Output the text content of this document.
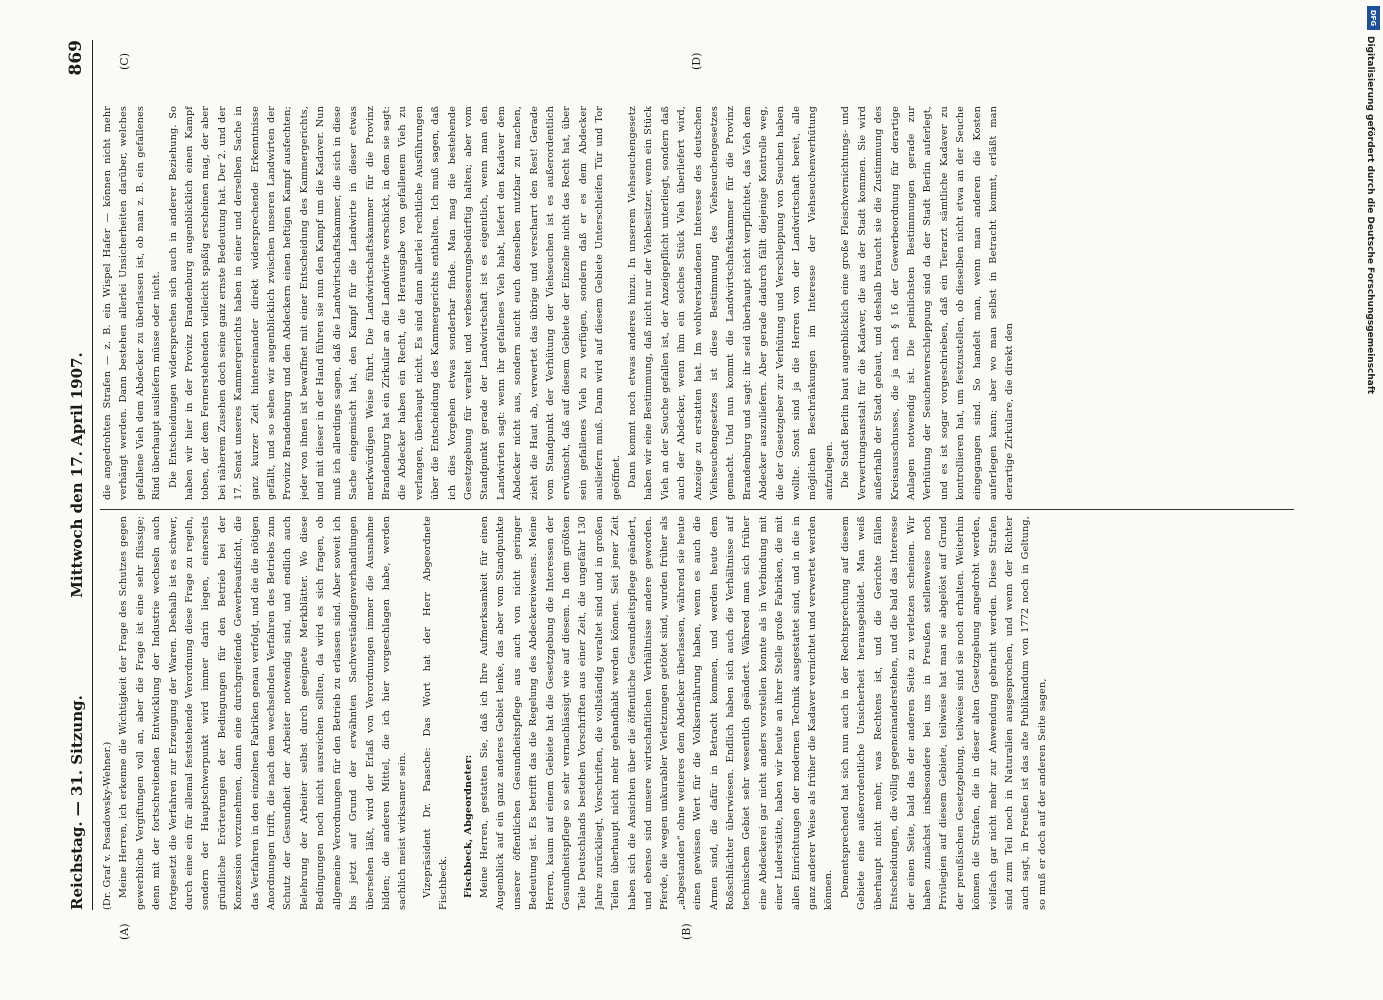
Reichstag. — 31. Sitzung.
Mittwoch den 17. April 1907.
869
(A)	(B)
(C)	(D)

(Dr. Graf v. Posadowsky-Wehner.) Meine Herren, ich erkenne die Wichtigkeit der Frage des Schutzes gegen gewerbliche Vergiftungen voll an, aber die Frage ist eine sehr flüssige; denn mit der fortschreitenden Entwicklung der Industrie wechseln auch fortgesetzt die Verfahren zur Erzeugung der Waren. Deshalb ist es schwer, durch eine ein für allemal feststehende Verordnung diese Frage zu regeln, sondern der Hauptschwerpunkt wird immer darin liegen, einerseits gründliche Erörterungen der Bedingungen für den Betrieb bei der Konzession vorzunehmen, dann eine durchgreifende Gewerbeaufsicht, die das Verfahren in den einzelnen Fabriken genau verfolgt, und die die nötigen Anordnungen trifft, die nach dem wechselnden Verfahren des Betriebs zum Schutz der Gesundheit der Arbeiter notwendig sind, und endlich auch Belehrung der Arbeiter selbst durch geeignete Merkblätter. Wo diese Bedingungen noch nicht ausreichen sollten, da wird es sich fragen, ob allgemeine Verordnungen für den Betrieb zu erlassen sind. Aber soweit ich bis jetzt auf Grund der erwähnten Sachverständigenverhandlungen übersehen läßt, wird der Erlaß von Verordnungen immer die Ausnahme bilden; die anderen Mittel, die ich hier vorgeschlagen habe, werden sachlich meist wirksamer sein.	Vizepräsident Dr. Paasche: Das Wort hat der Herr Abgeordnete Fischbeck.	Fischbeck, Abgeordneter: Meine Herren, gestatten Sie, daß ich Ihre Aufmerksamkeit für einen Augenblick auf ein ganz anderes Gebiet lenke, das aber vom Standpunkte unserer öffentlichen Gesundheitspflege aus auch von nicht geringer Bedeutung ist. Es betrifft das die Regelung des Abdeckereiwesens. Meine Herren, kaum auf einem Gebiete hat die Gesetzgebung die Interessen der Gesundheitspflege so sehr vernachlässigt wie auf diesem. In dem größten Teile Deutschlands bestehen Vorschriften aus einer Zeit, die ungefähr 130 Jahre zurückliegt, Vorschriften, die vollständig veraltet sind und in großen Teilen überhaupt nicht mehr gehandhabt werden können. Seit jener Zeit haben sich die Ansichten über die öffentliche Gesundheitspflege geändert, und ebenso sind unsere wirtschaftlichen Verhältnisse andere geworden. Pferde, die wegen unkurabler Verletzungen getötet sind, wurden früher als „abgestanden“ ohne weiteres dem Abdecker überlassen, während sie heute einen gewissen Wert für die Volksernährung haben, wenn es auch die Armen sind, die dafür in Betracht kommen, und werden heute dem Roßschlächter überwiesen. Endlich haben sich auch die Verhältnisse auf technischem Gebiet sehr wesentlich geändert. Während man sich früher eine Abdeckerei gar nicht anders vorstellen konnte als in Verbindung mit einer Luderstätte, haben wir heute an ihrer Stelle große Fabriken, die mit allen Einrichtungen der modernen Technik ausgestattet sind, und in die in ganz anderer Weise als früher die Kadaver vernichtet und verwertet werden können. Dementsprechend hat sich nun auch in der Rechtsprechung auf diesem Gebiete eine außerordentliche Unsicherheit herausgebildet. Man weiß überhaupt nicht mehr, was Rechtens ist, und die Gerichte fällen Entscheidungen, die völlig gegeneinanderstehen, und die bald das Interesse der einen Seite, bald das der anderen Seite zu verletzen scheinen. Wir haben zunächst insbesondere bei uns in Preußen stellenweise noch Privilegien auf diesem Gebiete, teilweise hat man sie abgelöst auf Grund der preußischen Gesetzgebung, teilweise sind sie noch erhalten. Weiterhin können die Strafen, die in dieser alten Gesetzgebung angedroht werden, vielfach gar nicht mehr zur Anwendung gebracht werden. Diese Strafen sind zum Teil noch in Naturalien ausgesprochen, und wenn der Richter auch sagt, in Preußen ist das alte Publikandum von 1772 noch in Geltung, so muß er doch auf der anderen Seite sagen,

die angedrohten Strafen — z. B. ein Wispel Hafer — können nicht mehr verhängt werden. Dann bestehen allerlei Unsicherheiten darüber, welches gefallene Vieh dem Abdecker zu überlassen ist, ob man z. B. ein gefallenes Rind überhaupt ausliefern müsse oder nicht. Die Entscheidungen widersprechen sich auch in anderer Beziehung. So haben wir hier in der Provinz Brandenburg augenblicklich einen Kampf toben, der dem Fernerstehenden vielleicht spaßig erscheinen mag, der aber bei näherem Zusehen doch seine ganz ernste Bedeutung hat. Der 2. und der 17. Senat unseres Kammergerichts haben in einer und derselben Sache in ganz kurzer Zeit hintereinander direkt widersprechende Erkenntnisse gefällt, und so sehen wir augenblicklich zwischen unseren Landwirten der Provinz Brandenburg und den Abdeckern einen heftigen Kampf ausfechten; jeder von ihnen ist bewaffnet mit einer Entscheidung des Kammergerichts, und mit dieser in der Hand führen sie nun den Kampf um die Kadaver. Nun muß ich allerdings sagen, daß die Landwirtschaftskammer, die sich in diese Sache eingemischt hat, den Kampf für die Landwirte in dieser etwas merkwürdigen Weise führt. Die Landwirtschaftskammer für die Provinz Brandenburg hat ein Zirkular an die Landwirte verschickt, in dem sie sagt: die Abdecker haben ein Recht, die Herausgabe von gefallenem Vieh zu verlangen, überhaupt nicht. Es sind dann allerlei rechtliche Ausführungen über die Entscheidung des Kammergerichts enthalten. Ich muß sagen, daß ich dies Vorgehen etwas sonderbar finde. Man mag die bestehende Gesetzgebung für veraltet und verbesserungsbedürftig halten; aber vom Standpunkt gerade der Landwirtschaft ist es eigentlich, wenn man den Landwirten sagt: wenn ihr gefallenes Vieh habt, liefert den Kadaver dem Abdecker nicht aus, sondern sucht euch denselben nutzbar zu machen, zieht die Haut ab, verwertet das übrige und verscharrt den Rest! Gerade vom Standpunkt der Verhütung der Viehseuchen ist es außerordentlich erwünscht, daß auf diesem Gebiete der Einzelne nicht das Recht hat, über sein gefallenes Vieh zu verfügen, sondern daß er es dem Abdecker ausliefern muß. Dann wird auf diesem Gebiete Unterschleifen Tür und Tor geöffnet. Dann kommt noch etwas anderes hinzu. In unserem Viehseuchengesetz haben wir eine Bestimmung, daß nicht nur der Viehbesitzer, wenn ein Stück Vieh an der Seuche gefallen ist, der Anzeigepflicht unterliegt, sondern daß auch der Abdecker, wenn ihm ein solches Stück Vieh überliefert wird, Anzeige zu erstatten hat. Im wohlverstandenen Interesse des deutschen Viehseuchengesetzes ist diese Bestimmung des Viehseuchengesetzes gemacht. Und nun kommt die Landwirtschaftskammer für die Provinz Brandenburg und sagt: ihr seid überhaupt nicht verpflichtet, das Vieh dem Abdecker auszuliefern. Aber gerade dadurch fällt diejenige Kontrolle weg, die der Gesetzgeber zur Verhütung und Verschleppung von Seuchen haben wollte. Sonst sind ja die Herren von der Landwirtschaft bereit, alle möglichen Beschränkungen im Interesse der Viehseuchenverhütung aufzulegen. Die Stadt Berlin baut augenblicklich eine große Fleischvernichtungs- und Verwertungsanstalt für die Kadaver, die aus der Stadt kommen. Sie wird außerhalb der Stadt gebaut, und deshalb braucht sie die Zustimmung des Kreisausschusses, die ja nach § 16 der Gewerbeordnung für derartige Anlagen notwendig ist. Die peinlichsten Bestimmungen gerade zur Verhütung der Seuchenverschleppung sind da der Stadt Berlin auferlegt, und es ist sogar vorgeschrieben, daß ein Tierarzt sämtliche Kadaver zu kontrollieren hat, um festzustellen, ob dieselben nicht etwa an der Seuche eingegangen sind. So handelt man, wenn man anderen die Kosten auferlegen kann; aber wo man selbst in Betracht kommt, erläßt man derartige Zirkulare, die direkt den

DFG
Digitalisierung gefördert durch die Deutsche Forschungsgemeinschaft
